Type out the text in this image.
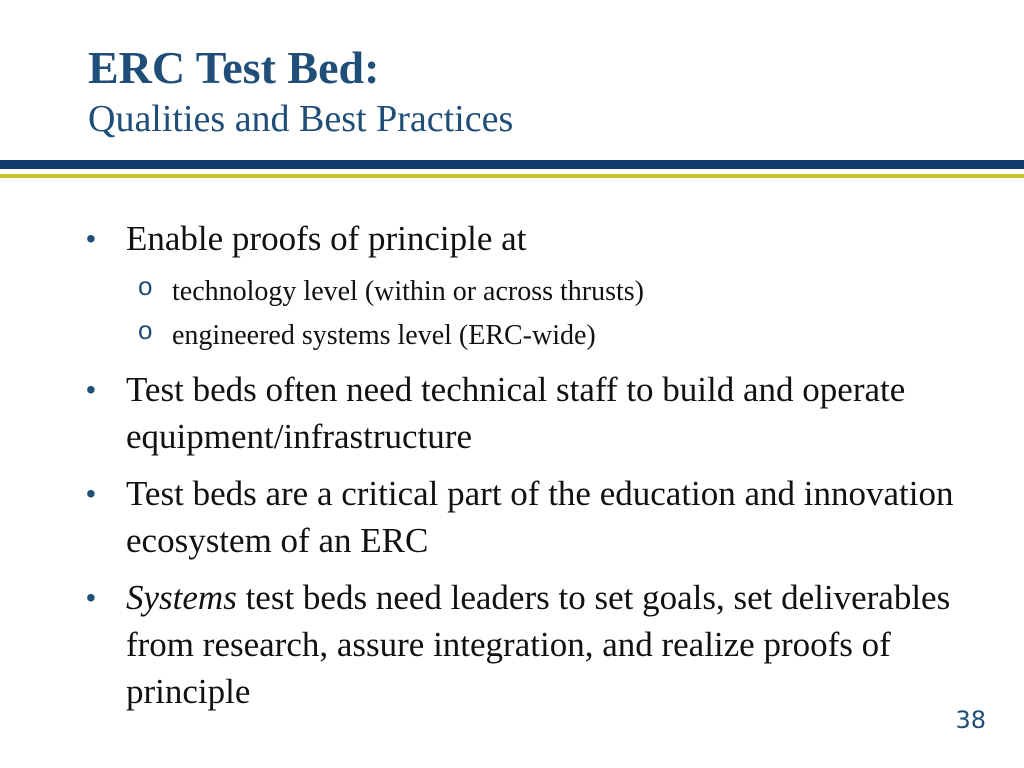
ERC Test Bed:
Qualities and Best Practices
• Enable proofs of principle at
o technology level (within or across thrusts)
o engineered systems level (ERC-wide)
• Test beds often need technical staff to build and operate equipment/infrastructure
• Test beds are a critical part of the education and innovation ecosystem of an ERC
• Systems test beds need leaders to set goals, set deliverables from research, assure integration, and realize proofs of principle
38
